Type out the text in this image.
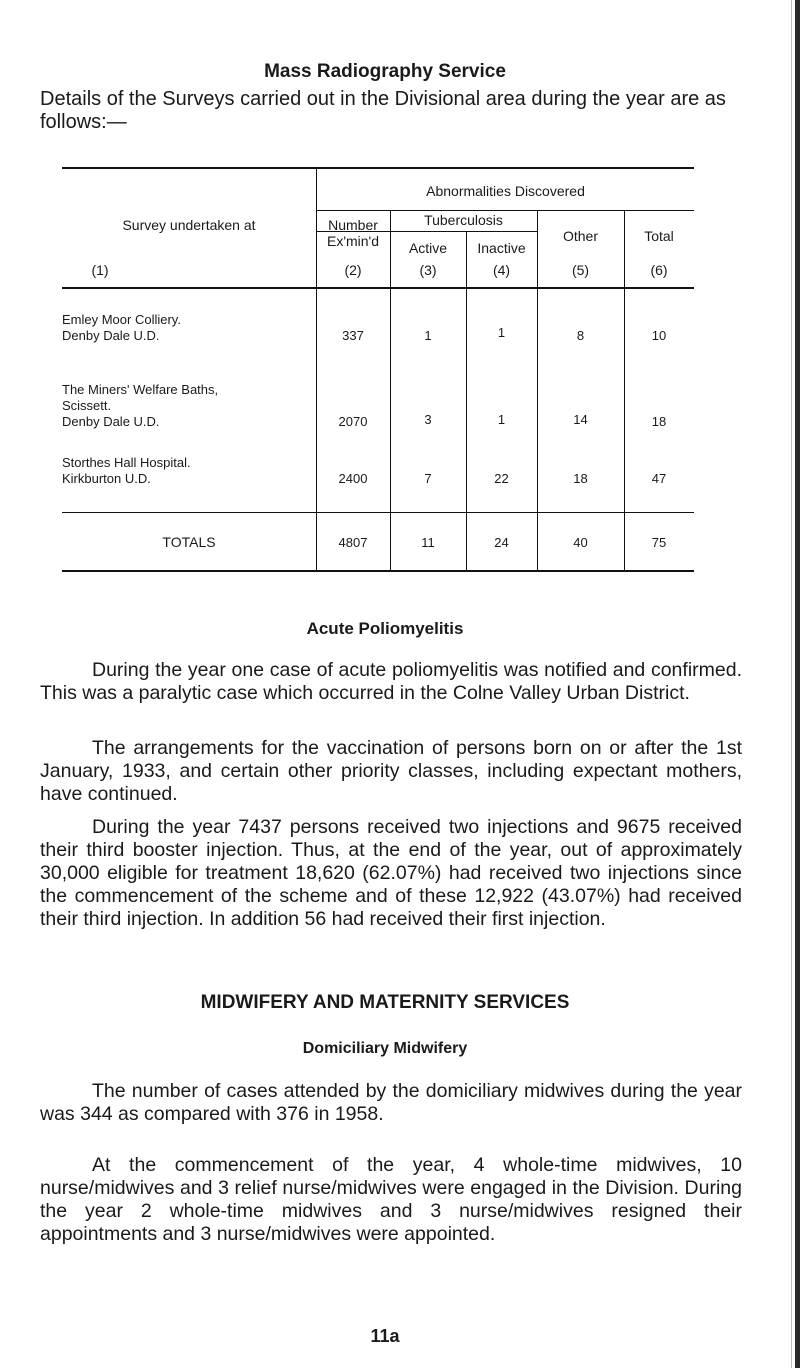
Mass Radiography Service
Details of the Surveys carried out in the Divisional area during the year are as follows:—
Survey undertaken at
(1)
Number
Ex'min'd
(2)
Abnormalities Discovered
Tuberculosis
Active
(3)
Inactive
(4)
Other
(5)
Total
(6)
Emley Moor Colliery.
Denby Dale U.D.	337	1	1	8	10
The Miners' Welfare Baths,
Scissett.
Denby Dale U.D.	2070	3	1	14	18
Storthes Hall Hospital.
Kirkburton U.D.	2400	7	22	18	47
TOTALS	4807	11	24	40	75
Acute Poliomyelitis
During the year one case of acute poliomyelitis was notified and confirmed. This was a paralytic case which occurred in the Colne Valley Urban District.
The arrangements for the vaccination of persons born on or after the 1st January, 1933, and certain other priority classes, including expectant mothers, have continued.
During the year 7437 persons received two injections and 9675 received their third booster injection. Thus, at the end of the year, out of approximately 30,000 eligible for treatment 18,620 (62.07%) had received two injections since the commencement of the scheme and of these 12,922 (43.07%) had received their third injection. In addition 56 had received their first injection.
MIDWIFERY AND MATERNITY SERVICES
Domiciliary Midwifery
The number of cases attended by the domiciliary midwives during the year was 344 as compared with 376 in 1958.
At the commencement of the year, 4 whole-time midwives, 10 nurse/midwives and 3 relief nurse/midwives were engaged in the Division. During the year 2 whole-time midwives and 3 nurse/midwives resigned their appointments and 3 nurse/midwives were appointed.
11a
